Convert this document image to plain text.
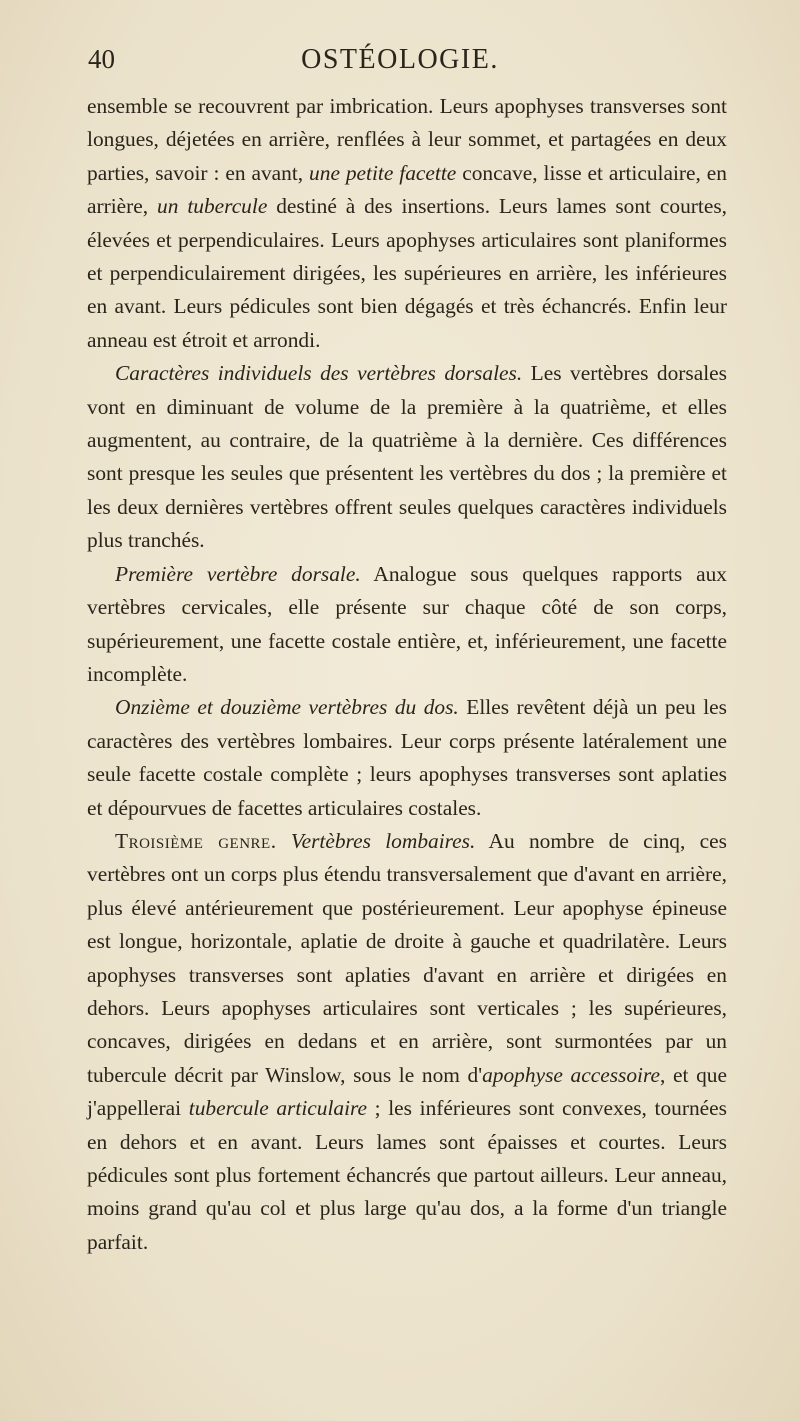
40	OSTÉOLOGIE.

ensemble se recouvrent par imbrication. Leurs apophyses transverses sont longues, déjetées en arrière, renflées à leur sommet, et partagées en deux parties, savoir : en avant, une petite facette concave, lisse et articulaire, en arrière, un tubercule destiné à des insertions. Leurs lames sont courtes, élevées et perpendiculaires. Leurs apophyses articulaires sont planiformes et perpendiculairement dirigées, les supérieures en arrière, les inférieures en avant. Leurs pédicules sont bien dégagés et très échancrés. Enfin leur anneau est étroit et arrondi.

Caractères individuels des vertèbres dorsales. Les vertèbres dorsales vont en diminuant de volume de la première à la quatrième, et elles augmentent, au contraire, de la quatrième à la dernière. Ces différences sont presque les seules que présentent les vertèbres du dos ; la première et les deux dernières vertèbres offrent seules quelques caractères individuels plus tranchés.

Première vertèbre dorsale. Analogue sous quelques rapports aux vertèbres cervicales, elle présente sur chaque côté de son corps, supérieurement, une facette costale entière, et, inférieurement, une facette incomplète.

Onzième et douzième vertèbres du dos. Elles revêtent déjà un peu les caractères des vertèbres lombaires. Leur corps présente latéralement une seule facette costale complète ; leurs apophyses transverses sont aplaties et dépourvues de facettes articulaires costales.

Troisième genre. Vertèbres lombaires. Au nombre de cinq, ces vertèbres ont un corps plus étendu transversalement que d'avant en arrière, plus élevé antérieurement que postérieurement. Leur apophyse épineuse est longue, horizontale, aplatie de droite à gauche et quadrilatère. Leurs apophyses transverses sont aplaties d'avant en arrière et dirigées en dehors. Leurs apophyses articulaires sont verticales ; les supérieures, concaves, dirigées en dedans et en arrière, sont surmontées par un tubercule décrit par Winslow, sous le nom d'apophyse accessoire, et que j'appellerai tubercule articulaire ; les inférieures sont convexes, tournées en dehors et en avant. Leurs lames sont épaisses et courtes. Leurs pédicules sont plus fortement échancrés que partout ailleurs. Leur anneau, moins grand qu'au col et plus large qu'au dos, a la forme d'un triangle parfait.
